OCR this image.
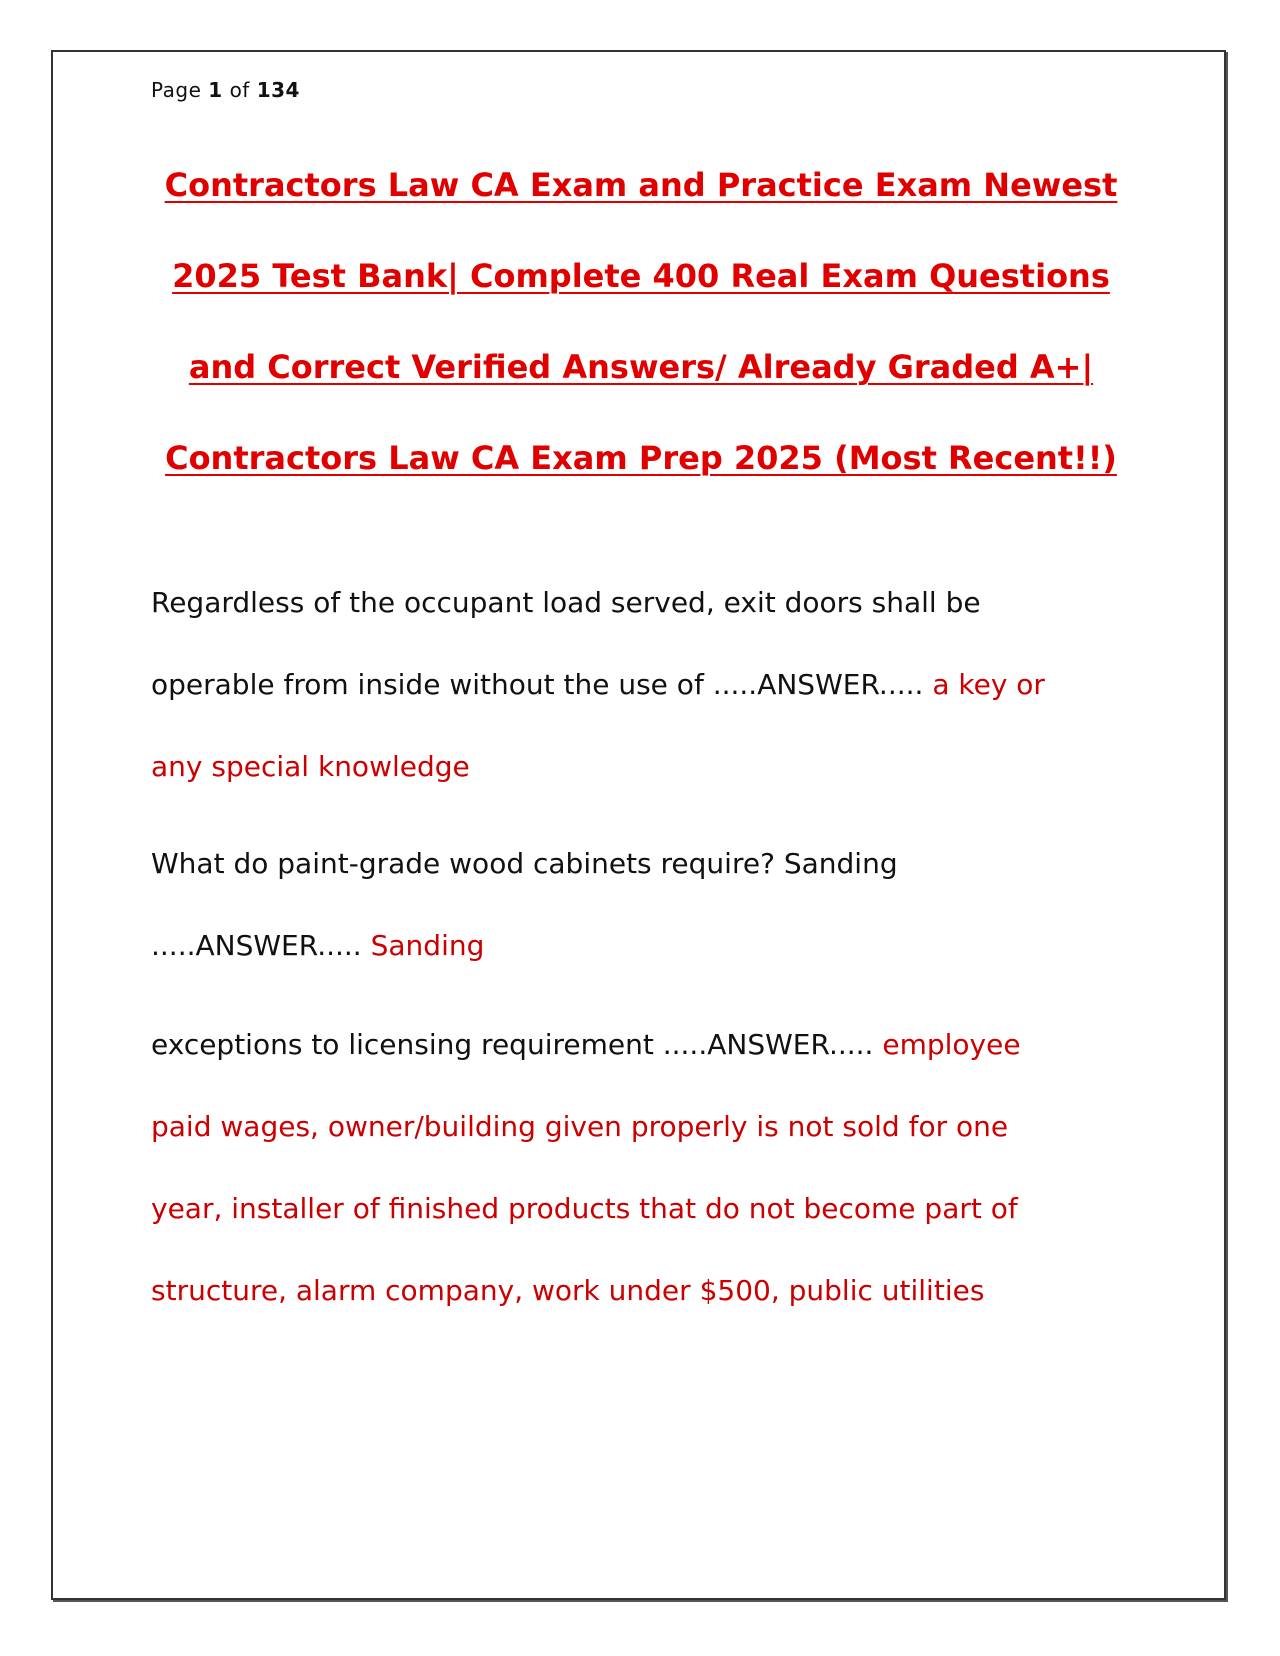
Page 1 of 134
Contractors Law CA Exam and Practice Exam Newest
2025 Test Bank| Complete 400 Real Exam Questions
and Correct Verified Answers/ Already Graded A+|
Contractors Law CA Exam Prep 2025 (Most Recent!!)
Regardless of the occupant load served, exit doors shall be
operable from inside without the use of .....ANSWER..... a key or
any special knowledge
What do paint-grade wood cabinets require? Sanding
.....ANSWER..... Sanding
exceptions to licensing requirement .....ANSWER..... employee
paid wages, owner/building given properly is not sold for one
year, installer of finished products that do not become part of
structure, alarm company, work under $500, public utilities
